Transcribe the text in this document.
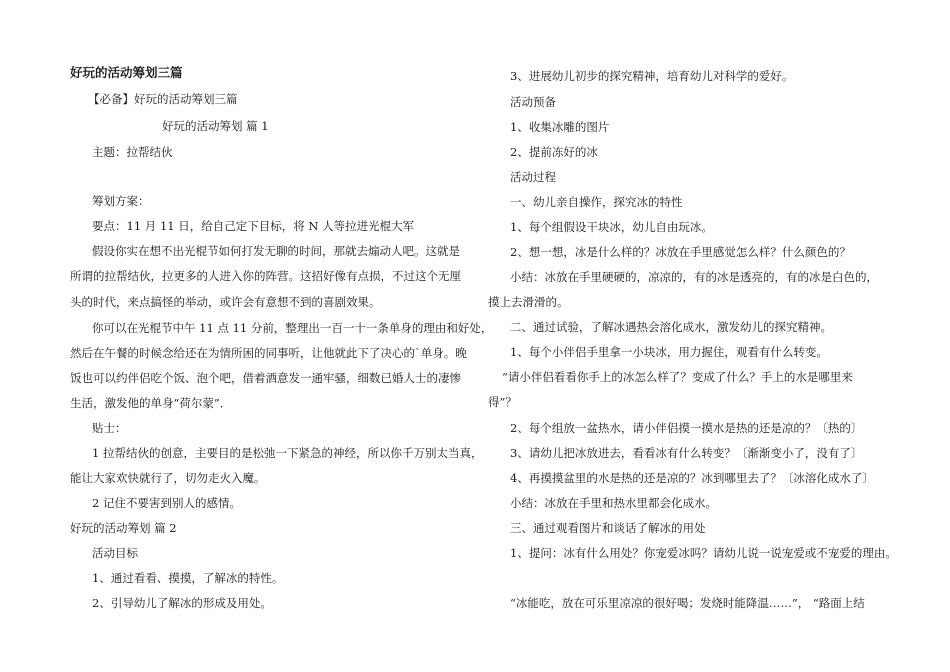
好玩的活动筹划三篇
【必备】好玩的活动筹划三篇
好玩的活动筹划 篇 1
主题：拉帮结伙
筹划方案：
要点：11 月 11 日，给自己定下目标，将 N 人等拉进光棍大军
假设你实在想不出光棍节如何打发无聊的时间，那就去煽动人吧。这就是
所谓的拉帮结伙，拉更多的人进入你的阵营。这招好像有点损，不过这个无厘
头的时代，来点搞怪的举动，或许会有意想不到的喜剧效果。
你可以在光棍节中午 11 点 11 分前，整理出一百一十一条单身的理由和好处，
然后在午餐的时候念给还在为情所困的同事听，让他就此下了决心的`单身。晚
饭也可以约伴侣吃个饭、泡个吧，借着酒意发一通牢骚，细数已婚人士的凄惨
生活，激发他的单身“荷尔蒙”．
贴士：
1 拉帮结伙的创意，主要目的是松弛一下紧急的神经，所以你千万别太当真，
能让大家欢快就行了，切勿走火入魔。
2 记住不要害到别人的感情。
好玩的活动筹划 篇 2
活动目标
1、通过看看、摸摸，了解冰的特性。
2、引导幼儿了解冰的形成及用处。
3、进展幼儿初步的探究精神，培育幼儿对科学的爱好。
活动预备
1、收集冰雕的图片
2、提前冻好的冰
活动过程
一、幼儿亲自操作，探究冰的特性
1、每个组假设干块冰，幼儿自由玩冰。
2、想一想，冰是什么样的？冰放在手里感觉怎么样？什么颜色的？
小结：冰放在手里硬硬的，凉凉的，有的冰是透亮的，有的冰是白色的，
摸上去滑滑的。
二、通过试验，了解冰遇热会溶化成水，激发幼儿的探究精神。
1、每个小伴侣手里拿一小块冰，用力握住，观看有什么转变。
“请小伴侣看看你手上的冰怎么样了？变成了什么？手上的水是哪里来
得”？
2、每个组放一盆热水，请小伴侣摸一摸水是热的还是凉的？〔热的〕
3、请幼儿把冰放进去，看看冰有什么转变？〔渐渐变小了，没有了〕
4、再摸摸盆里的水是热的还是凉的？冰到哪里去了？〔冰溶化成水了〕
小结：冰放在手里和热水里都会化成水。
三、通过观看图片和谈话了解冰的用处
1、提问：冰有什么用处？你宠爱冰吗？请幼儿说一说宠爱或不宠爱的理由。
“冰能吃，放在可乐里凉凉的很好喝；发烧时能降温……”， “路面上结
